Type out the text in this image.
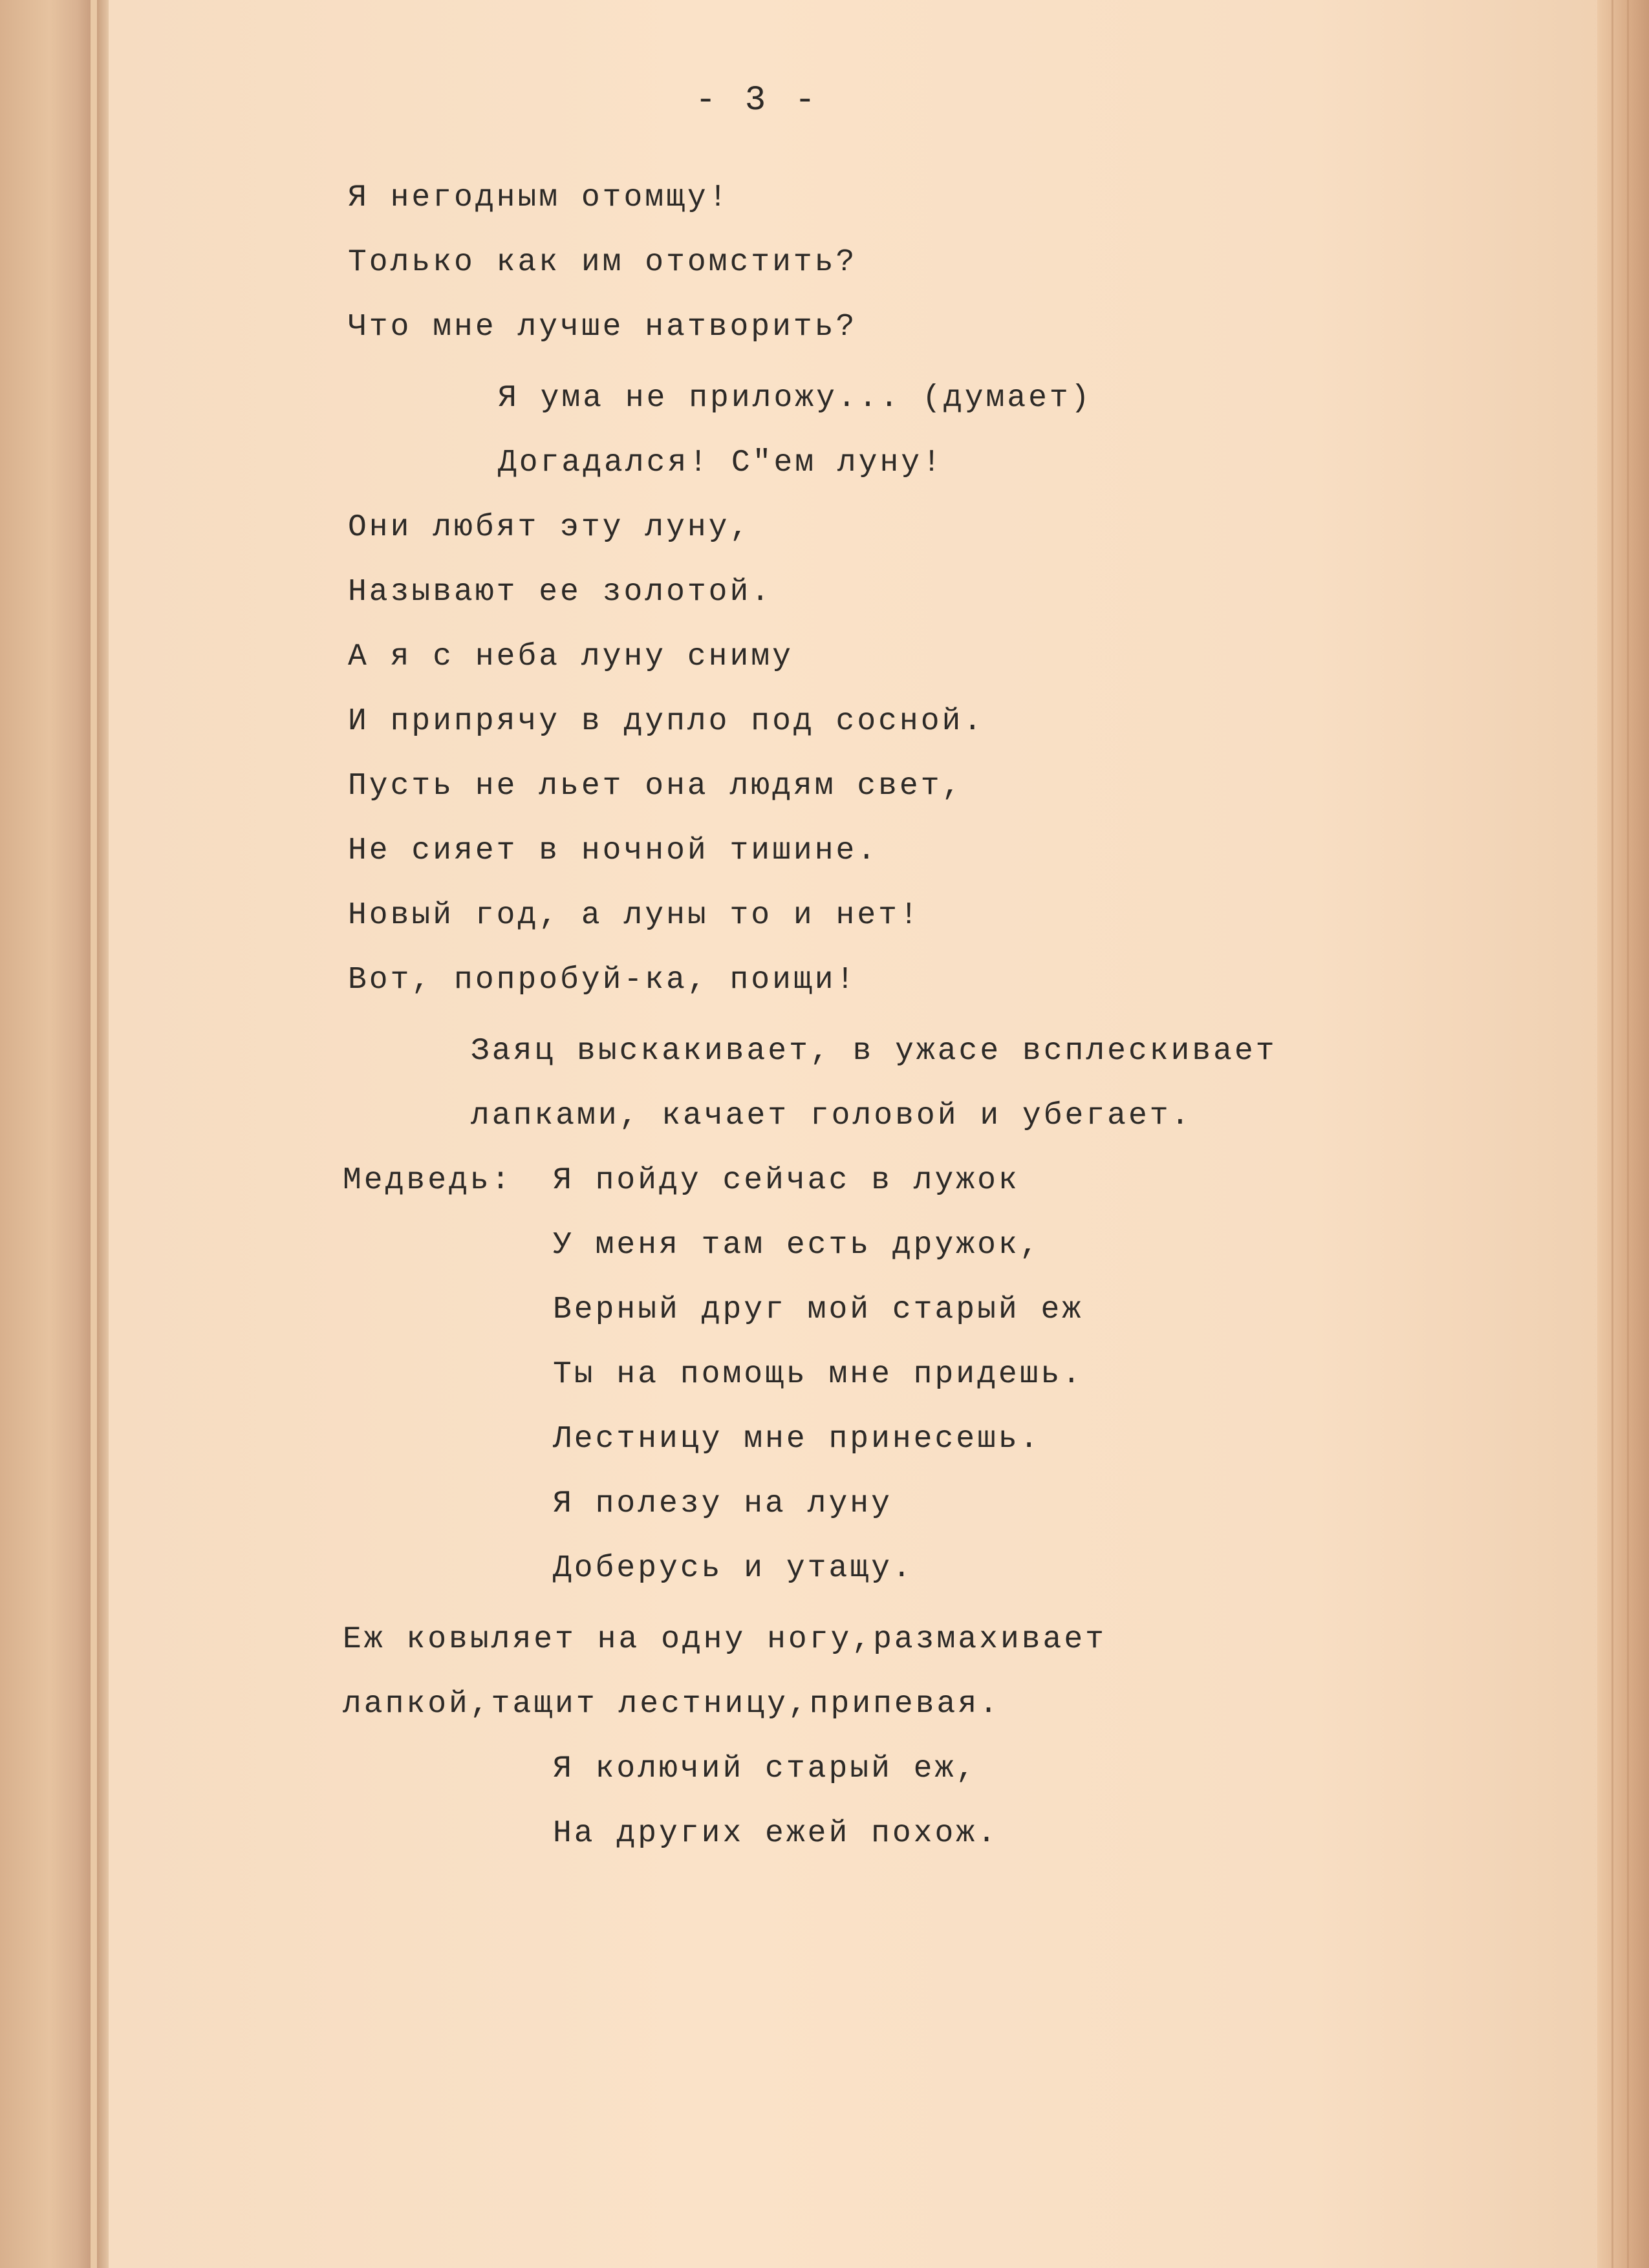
- 3 -
Я негодным отомщу!
Только как им отомстить?
Что мне лучше натворить?
Я ума не приложу... (думает)
Догадался! С"ем луну!
Они любят эту луну,
Называют ее золотой.
А я с неба луну сниму
И припрячу в дупло под сосной.
Пусть не льет она людям свет,
Не сияет в ночной тишине.
Новый год, а луны то и нет!
Вот, попробуй-ка, поищи!
Заяц выскакивает, в ужасе всплескивает
лапками, качает головой и убегает.
Медведь: Я пойду сейчас в лужок
У меня там есть дружок,
Верный друг мой старый еж
Ты на помощь мне придешь.
Лестницу мне принесешь.
Я полезу на луну
Доберусь и утащу.
Еж ковыляет на одну ногу,размахивает
лапкой,тащит лестницу,припевая.
Я колючий старый еж,
На других ежей похож.
